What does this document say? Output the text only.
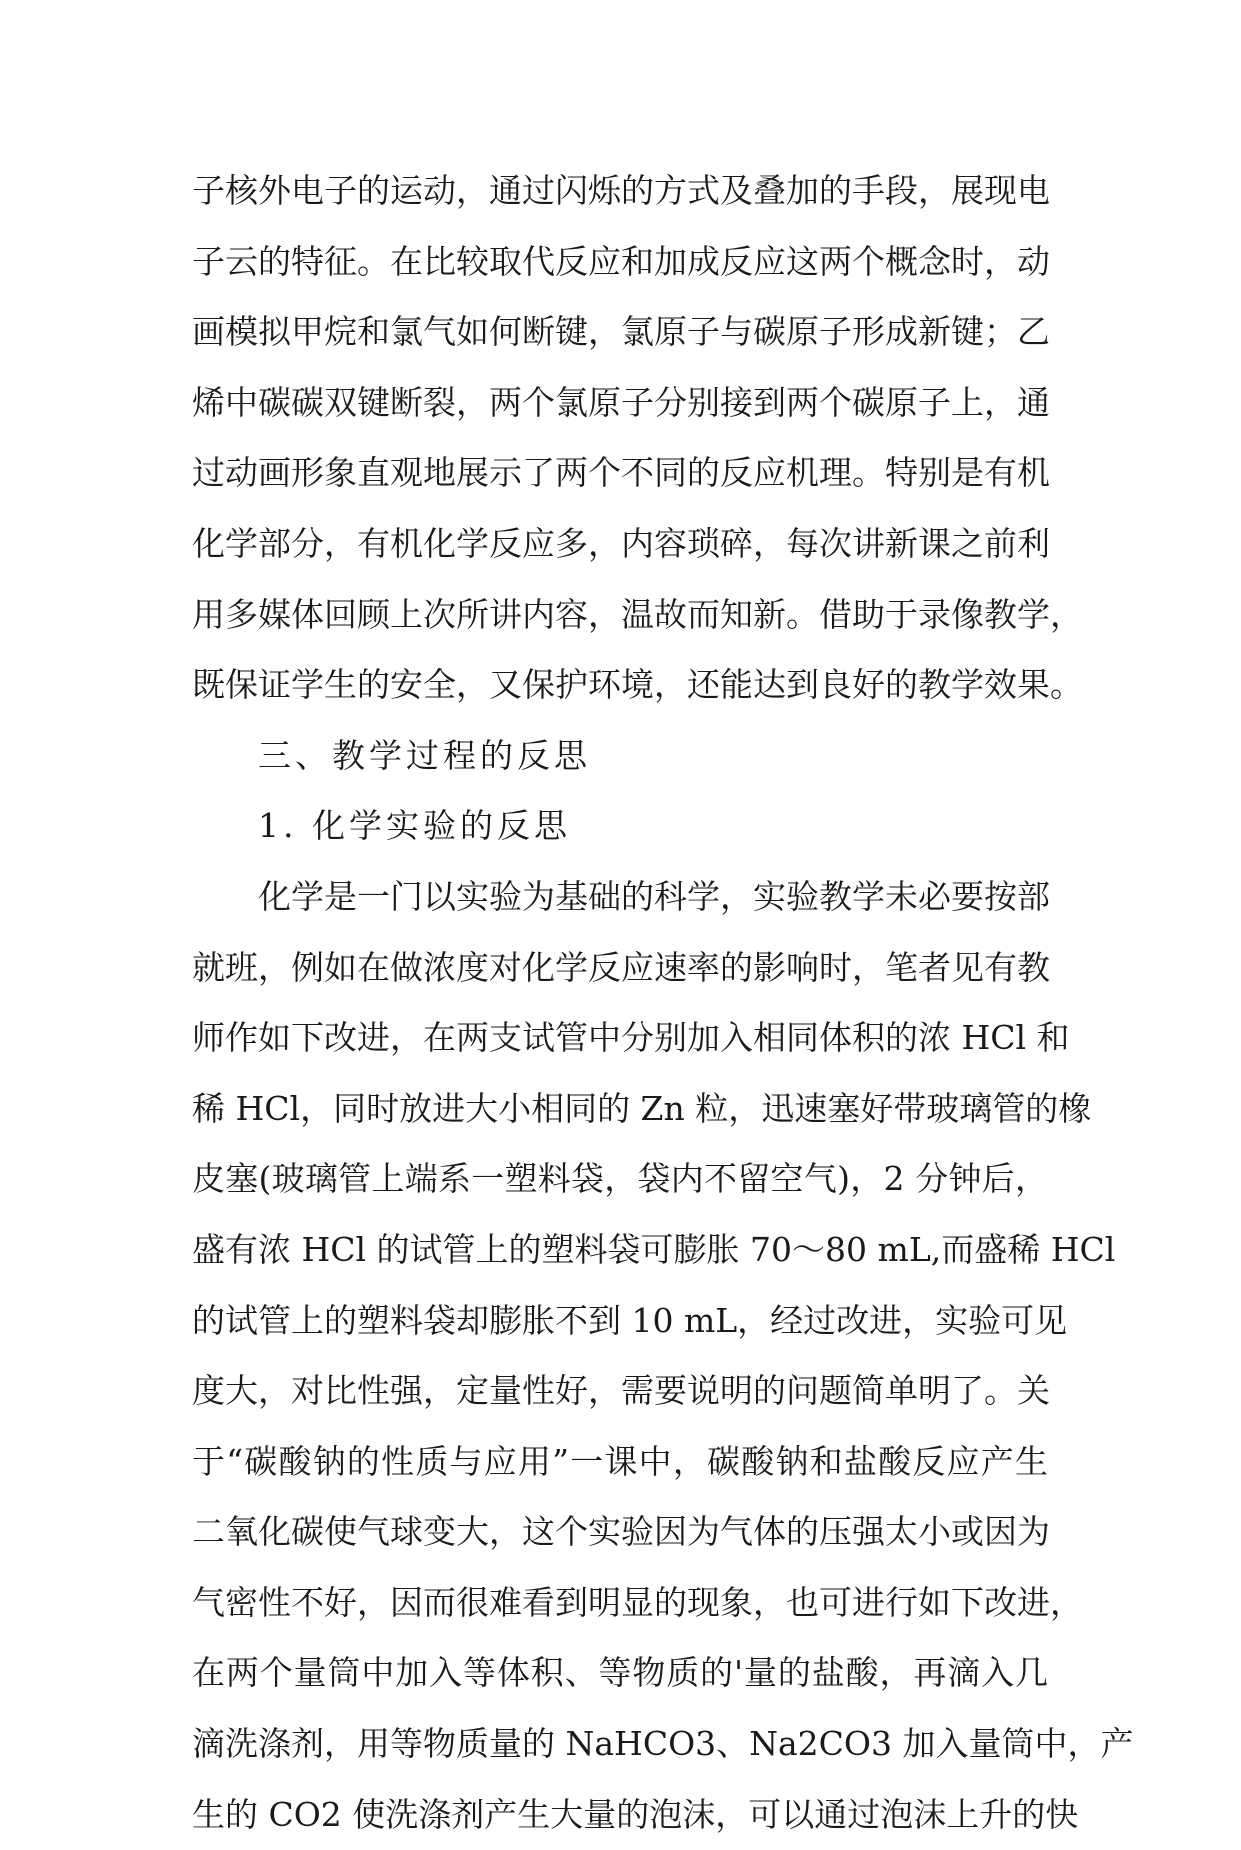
子核外电子的运动，通过闪烁的方式及叠加的手段，展现电
子云的特征。在比较取代反应和加成反应这两个概念时，动
画模拟甲烷和氯气如何断键，氯原子与碳原子形成新键；乙
烯中碳碳双键断裂，两个氯原子分别接到两个碳原子上，通
过动画形象直观地展示了两个不同的反应机理。特别是有机
化学部分，有机化学反应多，内容琐碎，每次讲新课之前利
用多媒体回顾上次所讲内容，温故而知新。借助于录像教学，
既保证学生的安全，又保护环境，还能达到良好的教学效果。
三、教学过程的反思
1. 化学实验的反思
化学是一门以实验为基础的科学，实验教学未必要按部
就班，例如在做浓度对化学反应速率的影响时，笔者见有教
师作如下改进，在两支试管中分别加入相同体积的浓 HCl 和
稀 HCl，同时放进大小相同的 Zn 粒，迅速塞好带玻璃管的橡
皮塞(玻璃管上端系一塑料袋，袋内不留空气)，2 分钟后，
盛有浓 HCl 的试管上的塑料袋可膨胀 70～80 mL,而盛稀 HCl
的试管上的塑料袋却膨胀不到 10 mL，经过改进，实验可见
度大，对比性强，定量性好，需要说明的问题简单明了。关
于“碳酸钠的性质与应用”一课中，碳酸钠和盐酸反应产生
二氧化碳使气球变大，这个实验因为气体的压强太小或因为
气密性不好，因而很难看到明显的现象，也可进行如下改进，
在两个量筒中加入等体积、等物质的'量的盐酸，再滴入几
滴洗涤剂，用等物质量的 NaHCO3、Na2CO3 加入量筒中，产
生的 CO2 使洗涤剂产生大量的泡沫，可以通过泡沫上升的快
